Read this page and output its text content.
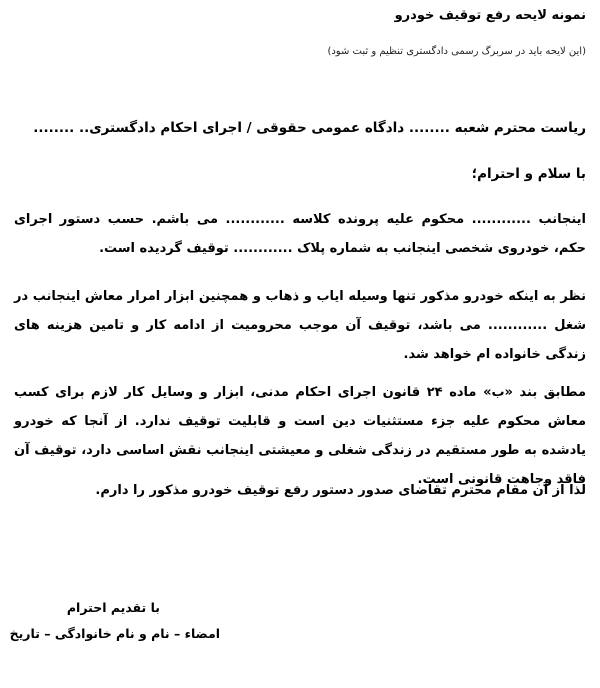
نمونه لایحه رفع توقیف خودرو
(این لایحه باید در سربرگ رسمی دادگستری تنظیم و ثبت شود)
ریاست محترم شعبه ........ دادگاه عمومی حقوقی / اجرای احکام دادگستری.. ........
با سلام و احترام؛
اینجانب ............ محکوم علیه پرونده کلاسه ............ می باشم. حسب دستور اجرای حکم، خودروی شخصی اینجانب به شماره پلاک ............ توقیف گردیده است.
نظر به اینکه خودرو مذکور تنها وسیله ایاب و ذهاب و همچنین ابزار امرار معاش اینجانب در شغل ............ می باشد، توقیف آن موجب محرومیت از ادامه کار و تامین هزینه های زندگی خانواده ام خواهد شد.
مطابق بند «ب» ماده ۲۴ قانون اجرای احکام مدنی، ابزار و وسایل کار لازم برای کسب معاش محکوم علیه جزء مستثنیات دین است و قابلیت توقیف ندارد. از آنجا که خودرو یادشده به طور مستقیم در زندگی شغلی و معیشتی اینجانب نقش اساسی دارد، توقیف آن فاقد وجاهت قانونی است.
لذا از آن مقام محترم تقاضای صدور دستور رفع توقیف خودرو مذکور را دارم.
با تقدیم احترام
امضاء – نام و نام خانوادگی – تاریخ
